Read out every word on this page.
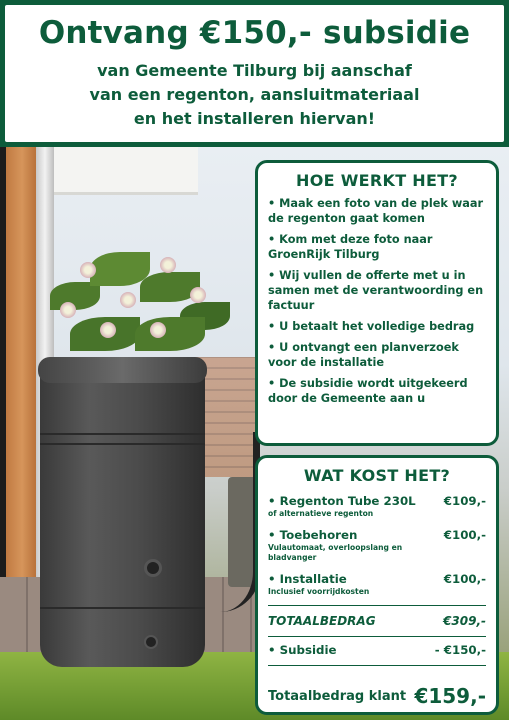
Ontvang €150,- subsidie
van Gemeente Tilburg bij aanschaf
van een regenton, aansluitmateriaal
en het installeren hiervan!
HOE WERKT HET?
• Maak een foto van de plek waar de regenton gaat komen
• Kom met deze foto naar GroenRijk Tilburg
• Wij vullen de offerte met u in samen met de verantwoording en factuur
• U betaalt het volledige bedrag
• U ontvangt een planverzoek voor de installatie
• De subsidie wordt uitgekeerd door de Gemeente aan u
WAT KOST HET?
• Regenton Tube 230L €109,-
of alternatieve regenton
• Toebehoren	€100,-
Vulautomaat, overloopslang en bladvanger
• Installatie	€100,-
Inclusief voorrijdkosten
TOTAALBEDRAG	€309,-
• Subsidie	- €150,-
Totaalbedrag klant €159,-
